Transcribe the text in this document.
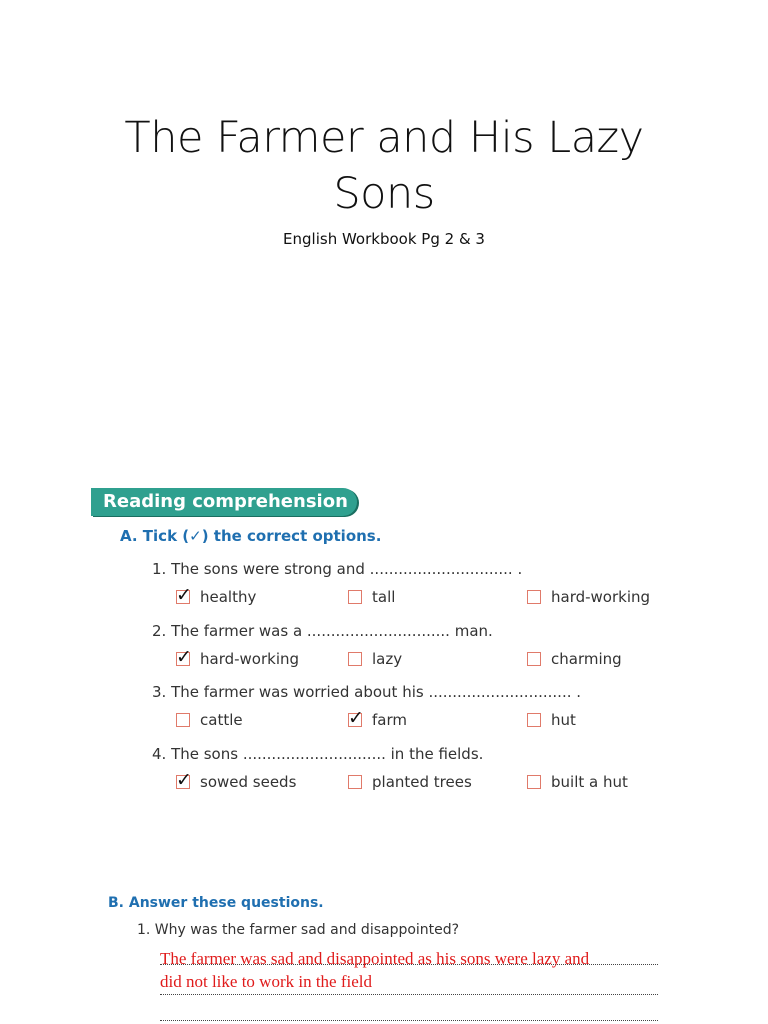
The Farmer and His Lazy
Sons
English Workbook Pg 2 & 3
Reading comprehension
A. Tick (✓) the correct options.
1. The sons were strong and .............................. .
✓ healthy	tall	hard-working
2. The farmer was a .............................. man.
✓ hard-working	lazy	charming
3. The farmer was worried about his .............................. .
cattle	✓ farm	hut
4. The sons .............................. in the fields.
✓ sowed seeds	planted trees	built a hut
B. Answer these questions.
1. Why was the farmer sad and disappointed?
The farmer was sad and disappointed as his sons were lazy and
did not like to work in the field
